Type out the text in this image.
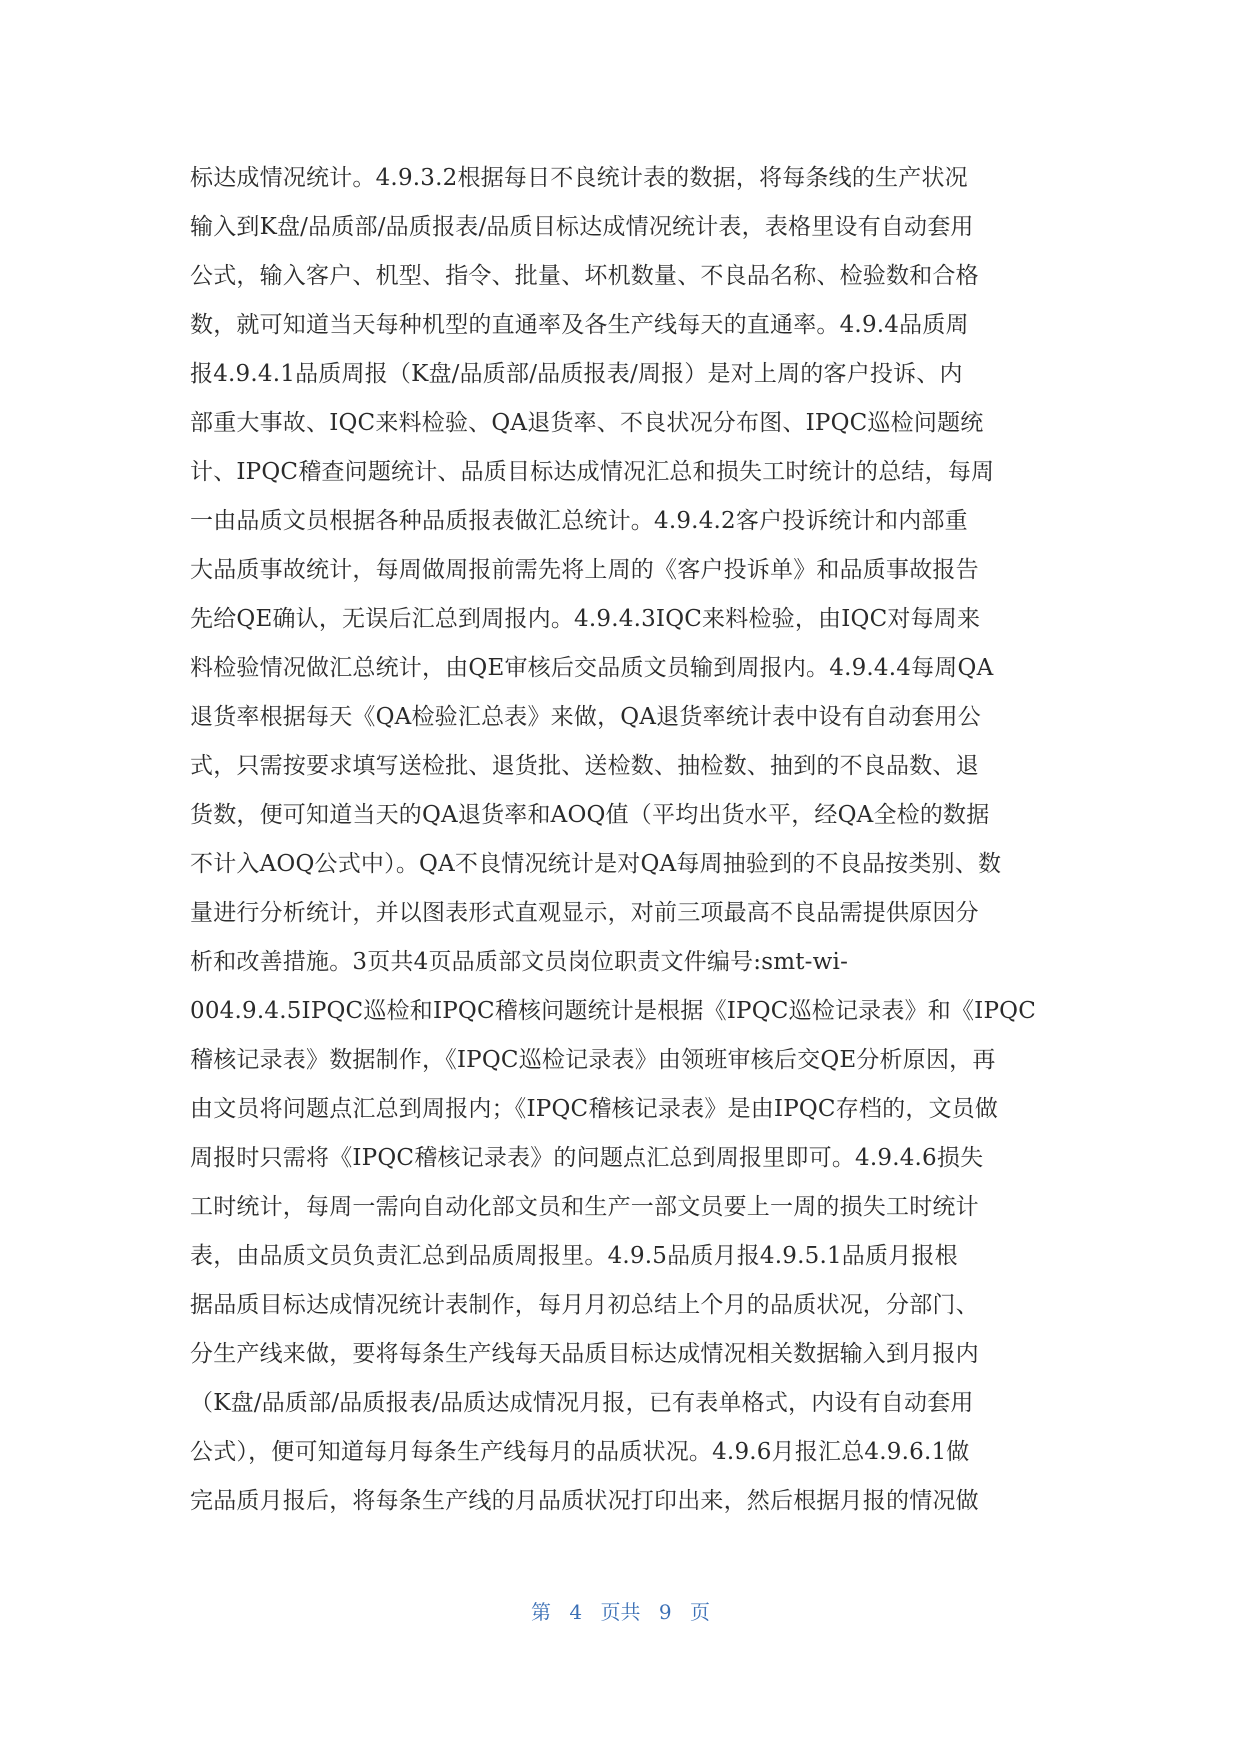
标达成情况统计。4.9.3.2根据每日不良统计表的数据，将每条线的生产状况
输入到K盘/品质部/品质报表/品质目标达成情况统计表，表格里设有自动套用
公式，输入客户、机型、指令、批量、坏机数量、不良品名称、检验数和合格
数，就可知道当天每种机型的直通率及各生产线每天的直通率。4.9.4品质周
报4.9.4.1品质周报（K盘/品质部/品质报表/周报）是对上周的客户投诉、内
部重大事故、IQC来料检验、QA退货率、不良状况分布图、IPQC巡检问题统
计、IPQC稽查问题统计、品质目标达成情况汇总和损失工时统计的总结，每周
一由品质文员根据各种品质报表做汇总统计。4.9.4.2客户投诉统计和内部重
大品质事故统计，每周做周报前需先将上周的《客户投诉单》和品质事故报告
先给QE确认，无误后汇总到周报内。4.9.4.3IQC来料检验，由IQC对每周来
料检验情况做汇总统计，由QE审核后交品质文员输到周报内。4.9.4.4每周QA
退货率根据每天《QA检验汇总表》来做，QA退货率统计表中设有自动套用公
式，只需按要求填写送检批、退货批、送检数、抽检数、抽到的不良品数、退
货数，便可知道当天的QA退货率和AOQ值（平均出货水平，经QA全检的数据
不计入AOQ公式中）。QA不良情况统计是对QA每周抽验到的不良品按类别、数
量进行分析统计，并以图表形式直观显示，对前三项最高不良品需提供原因分
析和改善措施。3页共4页品质部文员岗位职责文件编号:smt-wi-
004.9.4.5IPQC巡检和IPQC稽核问题统计是根据《IPQC巡检记录表》和《IPQC
稽核记录表》数据制作，《IPQC巡检记录表》由领班审核后交QE分析原因，再
由文员将问题点汇总到周报内；《IPQC稽核记录表》是由IPQC存档的，文员做
周报时只需将《IPQC稽核记录表》的问题点汇总到周报里即可。4.9.4.6损失
工时统计，每周一需向自动化部文员和生产一部文员要上一周的损失工时统计
表，由品质文员负责汇总到品质周报里。4.9.5品质月报4.9.5.1品质月报根
据品质目标达成情况统计表制作，每月月初总结上个月的品质状况，分部门、
分生产线来做，要将每条生产线每天品质目标达成情况相关数据输入到月报内
（K盘/品质部/品质报表/品质达成情况月报，已有表单格式，内设有自动套用
公式），便可知道每月每条生产线每月的品质状况。4.9.6月报汇总4.9.6.1做
完品质月报后，将每条生产线的月品质状况打印出来，然后根据月报的情况做
第 4 页共 9 页
